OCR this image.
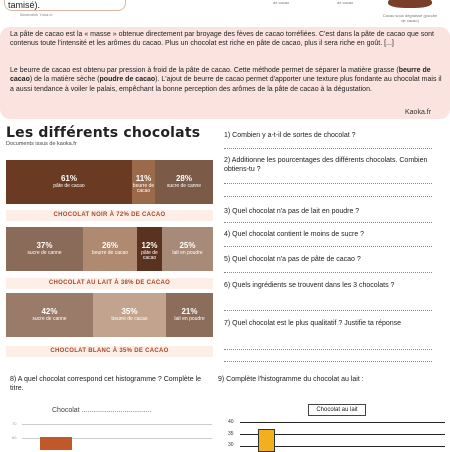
tamisé).
Illustration Yuka.io
de cacao	de cacao
Cacao sous dégraissé (poudre de cacao)
La pâte de cacao est la « masse » obtenue directement par broyage des fèves de cacao torréfiées. C'est dans la pâte de cacao que sont contenus toute l'intensité et les arômes du cacao. Plus un chocolat est riche en pâte de cacao, plus il sera riche en goût. [...]
Le beurre de cacao est obtenu par pression à froid de la pâte de cacao. Cette méthode permet de séparer la matière grasse (beurre de cacao) de la matière sèche (poudre de cacao). L'ajout de beurre de cacao permet d'apporter une texture plus fondante au chocolat mais il a aussi tendance à voiler le palais, empêchant la bonne perception des arômes de la pâte de cacao à la dégustation.
Kaoka.fr
Les différents chocolats
Documents issus de kaoka.fr
61%
pâte de cacao
11%
beurre de cacao
28%
sucre de canne
CHOCOLAT NOIR À 72% DE CACAO
37%
sucre de canne
26%
beurre de cacao
12%
pâte de cacao
25%
lait en poudre
CHOCOLAT AU LAIT À 38% DE CACAO
42%
sucre de canne
35%
beurre de cacao
21%
lait en poudre
CHOCOLAT BLANC À 35% DE CACAO
1) Combien y a-t-il de sortes de chocolat ?
2) Additionne les pourcentages des différents chocolats. Combien obtiens-tu ?
3) Quel chocolat n'a pas de lait en poudre ?
4) Quel chocolat contient le moins de sucre ?
5) Quel chocolat n'a pas de pâte de cacao ?
6) Quels ingrédients se trouvent dans les 3 chocolats ?
7) Quel chocolat est le plus qualitatif ? Justifie ta réponse
8) A quel chocolat correspond cet histogramme ? Complète le titre.
9) Complète l'histogramme du chocolat au lait :
Chocolat ....................................
70
60
Chocolat au lait
40
35
30
